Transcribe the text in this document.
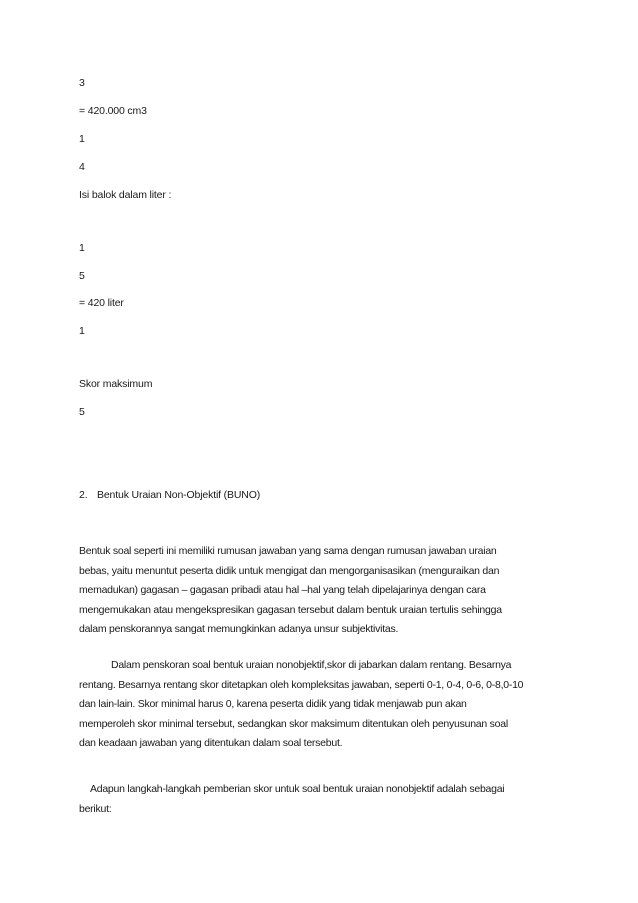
3
= 420.000 cm3
1
4
Isi balok dalam liter :
1
5
= 420 liter
1
Skor maksimum
5
2. Bentuk Uraian Non-Objektif (BUNO)
Bentuk soal seperti ini memiliki rumusan jawaban yang sama dengan rumusan jawaban uraian
bebas, yaitu menuntut peserta didik untuk mengigat dan mengorganisasikan (menguraikan dan
memadukan) gagasan – gagasan pribadi atau hal –hal yang telah dipelajarinya dengan cara
mengemukakan atau mengekspresikan gagasan tersebut dalam bentuk uraian tertulis sehingga
dalam penskorannya sangat memungkinkan adanya unsur subjektivitas.
Dalam penskoran soal bentuk uraian nonobjektif,skor di jabarkan dalam rentang. Besarnya
rentang. Besarnya rentang skor ditetapkan oleh kompleksitas jawaban, seperti 0-1, 0-4, 0-6, 0-8,0-10
dan lain-lain. Skor minimal harus 0, karena peserta didik yang tidak menjawab pun akan
memperoleh skor minimal tersebut, sedangkan skor maksimum ditentukan oleh penyusunan soal
dan keadaan jawaban yang ditentukan dalam soal tersebut.
Adapun langkah-langkah pemberian skor untuk soal bentuk uraian nonobjektif adalah sebagai
berikut:
